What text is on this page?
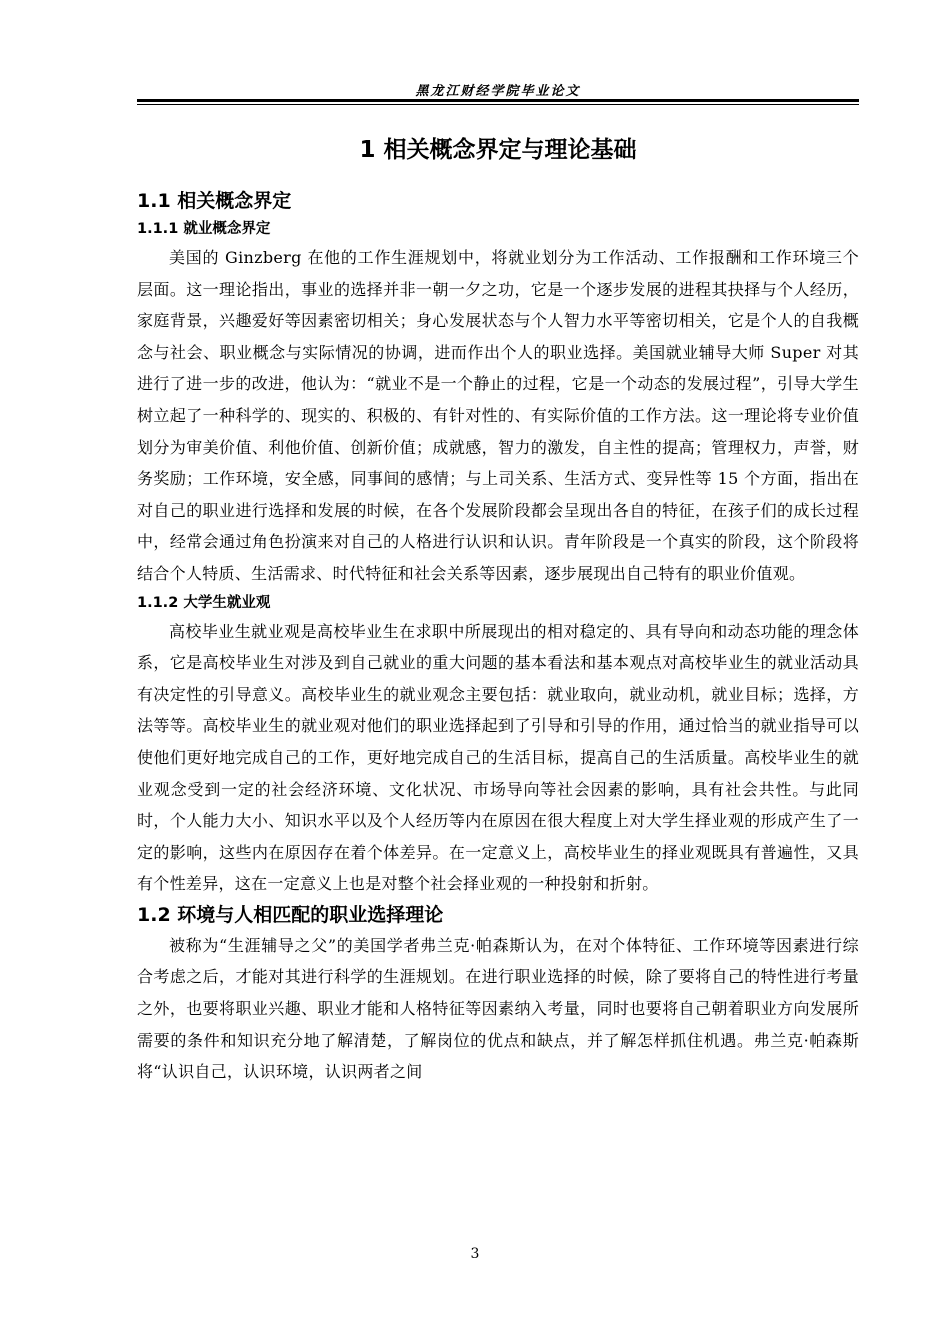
黑龙江财经学院毕业论文
1 相关概念界定与理论基础
1.1 相关概念界定
1.1.1 就业概念界定

美国的 Ginzberg 在他的工作生涯规划中，将就业划分为工作活动、工作报酬和工作环境三个层面。这一理论指出，事业的选择并非一朝一夕之功，它是一个逐步发展的进程其抉择与个人经历，家庭背景，兴趣爱好等因素密切相关；身心发展状态与个人智力水平等密切相关，它是个人的自我概念与社会、职业概念与实际情况的协调，进而作出个人的职业选择。美国就业辅导大师 Super 对其进行了进一步的改进，他认为：“就业不是一个静止的过程，它是一个动态的发展过程”，引导大学生树立起了一种科学的、现实的、积极的、有针对性的、有实际价值的工作方法。这一理论将专业价值划分为审美价值、利他价值、创新价值；成就感，智力的激发，自主性的提高；管理权力，声誉，财务奖励；工作环境，安全感，同事间的感情；与上司关系、生活方式、变异性等 15 个方面，指出在对自己的职业进行选择和发展的时候，在各个发展阶段都会呈现出各自的特征，在孩子们的成长过程中，经常会通过角色扮演来对自己的人格进行认识和认识。青年阶段是一个真实的阶段，这个阶段将结合个人特质、生活需求、时代特征和社会关系等因素，逐步展现出自己特有的职业价值观。

1.1.2 大学生就业观

高校毕业生就业观是高校毕业生在求职中所展现出的相对稳定的、具有导向和动态功能的理念体系，它是高校毕业生对涉及到自己就业的重大问题的基本看法和基本观点对高校毕业生的就业活动具有决定性的引导意义。高校毕业生的就业观念主要包括：就业取向，就业动机，就业目标；选择，方法等等。高校毕业生的就业观对他们的职业选择起到了引导和引导的作用，通过恰当的就业指导可以使他们更好地完成自己的工作，更好地完成自己的生活目标，提高自己的生活质量。高校毕业生的就业观念受到一定的社会经济环境、文化状况、市场导向等社会因素的影响，具有社会共性。与此同时，个人能力大小、知识水平以及个人经历等内在原因在很大程度上对大学生择业观的形成产生了一定的影响，这些内在原因存在着个体差异。在一定意义上，高校毕业生的择业观既具有普遍性，又具有个性差异，这在一定意义上也是对整个社会择业观的一种投射和折射。

1.2 环境与人相匹配的职业选择理论

被称为“生涯辅导之父”的美国学者弗兰克·帕森斯认为，在对个体特征、工作环境等因素进行综合考虑之后，才能对其进行科学的生涯规划。在进行职业选择的时候，除了要将自己的特性进行考量之外，也要将职业兴趣、职业才能和人格特征等因素纳入考量，同时也要将自己朝着职业方向发展所需要的条件和知识充分地了解清楚，了解岗位的优点和缺点，并了解怎样抓住机遇。弗兰克·帕森斯将“认识自己，认识环境，认识两者之间

3
